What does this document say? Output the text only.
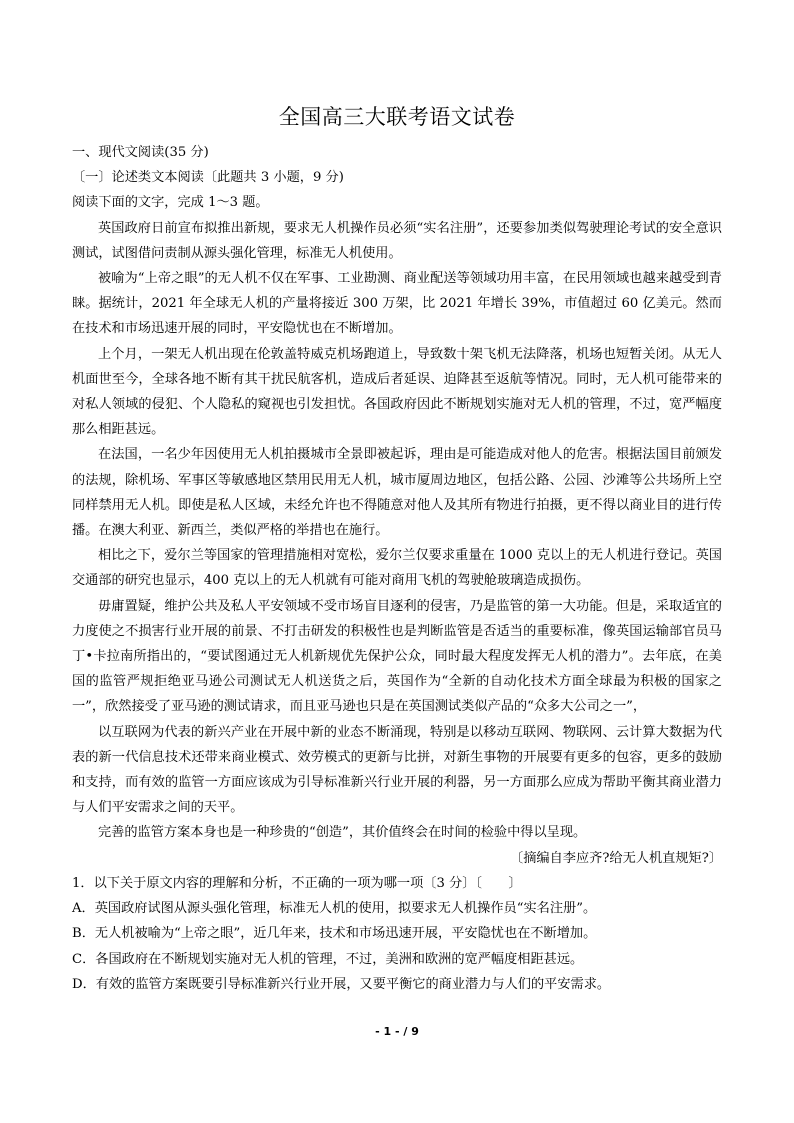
全国高三大联考语文试卷
一、现代文阅读(35 分)
〔一〕论述类文本阅读〔此题共 3 小题，9 分)
阅读下面的文字，完成 1～3 题。

英国政府日前宣布拟推出新规，要求无人机操作员必须“实名注册”，还要参加类似驾驶理论考试的安全意识测试，试图借问责制从源头强化管理，标准无人机使用。

被喻为“上帝之眼”的无人机不仅在军事、工业勘测、商业配送等领域功用丰富，在民用领域也越来越受到青睐。据统计，2021 年全球无人机的产量将接近 300 万架，比 2021 年增长 39%，市值超过 60 亿美元。然而在技术和市场迅速开展的同时，平安隐忧也在不断增加。

上个月，一架无人机出现在伦敦盖特威克机场跑道上，导致数十架飞机无法降落，机场也短暂关闭。从无人机面世至今，全球各地不断有其干扰民航客机，造成后者延误、迫降甚至返航等情况。同时，无人机可能带来的对私人领域的侵犯、个人隐私的窥视也引发担忧。各国政府因此不断规划实施对无人机的管理，不过，宽严幅度那么相距甚远。

在法国，一名少年因使用无人机拍摄城市全景即被起诉，理由是可能造成对他人的危害。根据法国目前颁发的法规，除机场、军事区等敏感地区禁用民用无人机，城市厦周边地区，包括公路、公园、沙滩等公共场所上空同样禁用无人机。即使是私人区域，未经允许也不得随意对他人及其所有物进行拍摄，更不得以商业目的进行传播。在澳大利亚、新西兰，类似严格的举措也在施行。

相比之下，爱尔兰等国家的管理措施相对宽松，爱尔兰仅要求重量在 1000 克以上的无人机进行登记。英国交通部的研究也显示，400 克以上的无人机就有可能对商用飞机的驾驶舱玻璃造成损伤。

毋庸置疑，维护公共及私人平安领域不受市场盲目逐利的侵害，乃是监管的第一大功能。但是，采取适宜的力度使之不损害行业开展的前景、不打击研发的积极性也是判断监管是否适当的重要标准，像英国运输部官员马丁•卡拉南所指出的，“要试图通过无人机新规优先保护公众，同时最大程度发挥无人机的潜力”。去年底，在美国的监管严规拒绝亚马逊公司测试无人机送货之后，英国作为“全新的自动化技术方面全球最为积极的国家之一”，欣然接受了亚马逊的测试请求，而且亚马逊也只是在英国测试类似产品的“众多大公司之一”，

以互联网为代表的新兴产业在开展中新的业态不断涌现，特别是以移动互联网、物联网、云计算大数据为代表的新一代信息技术还带来商业模式、效劳模式的更新与比拼，对新生事物的开展要有更多的包容，更多的鼓励和支持，而有效的监管一方面应该成为引导标准新兴行业开展的利器，另一方面那么应成为帮助平衡其商业潜力与人们平安需求之间的天平。

完善的监管方案本身也是一种珍贵的“创造”，其价值终会在时间的检验中得以呈现。

〔摘编自李应齐?给无人机直规矩?〕

1．以下关于原文内容的理解和分析，不正确的一项为哪一项〔3 分〕〔　　〕

A．英国政府试图从源头强化管理，标准无人机的使用，拟要求无人机操作员“实名注册”。

B．无人机被喻为“上帝之眼”，近几年来，技术和市场迅速开展，平安隐忧也在不断增加。

C．各国政府在不断规划实施对无人机的管理，不过，美洲和欧洲的宽严幅度相距甚远。

D．有效的监管方案既要引导标准新兴行业开展，又要平衡它的商业潜力与人们的平安需求。

- 1 - / 9
